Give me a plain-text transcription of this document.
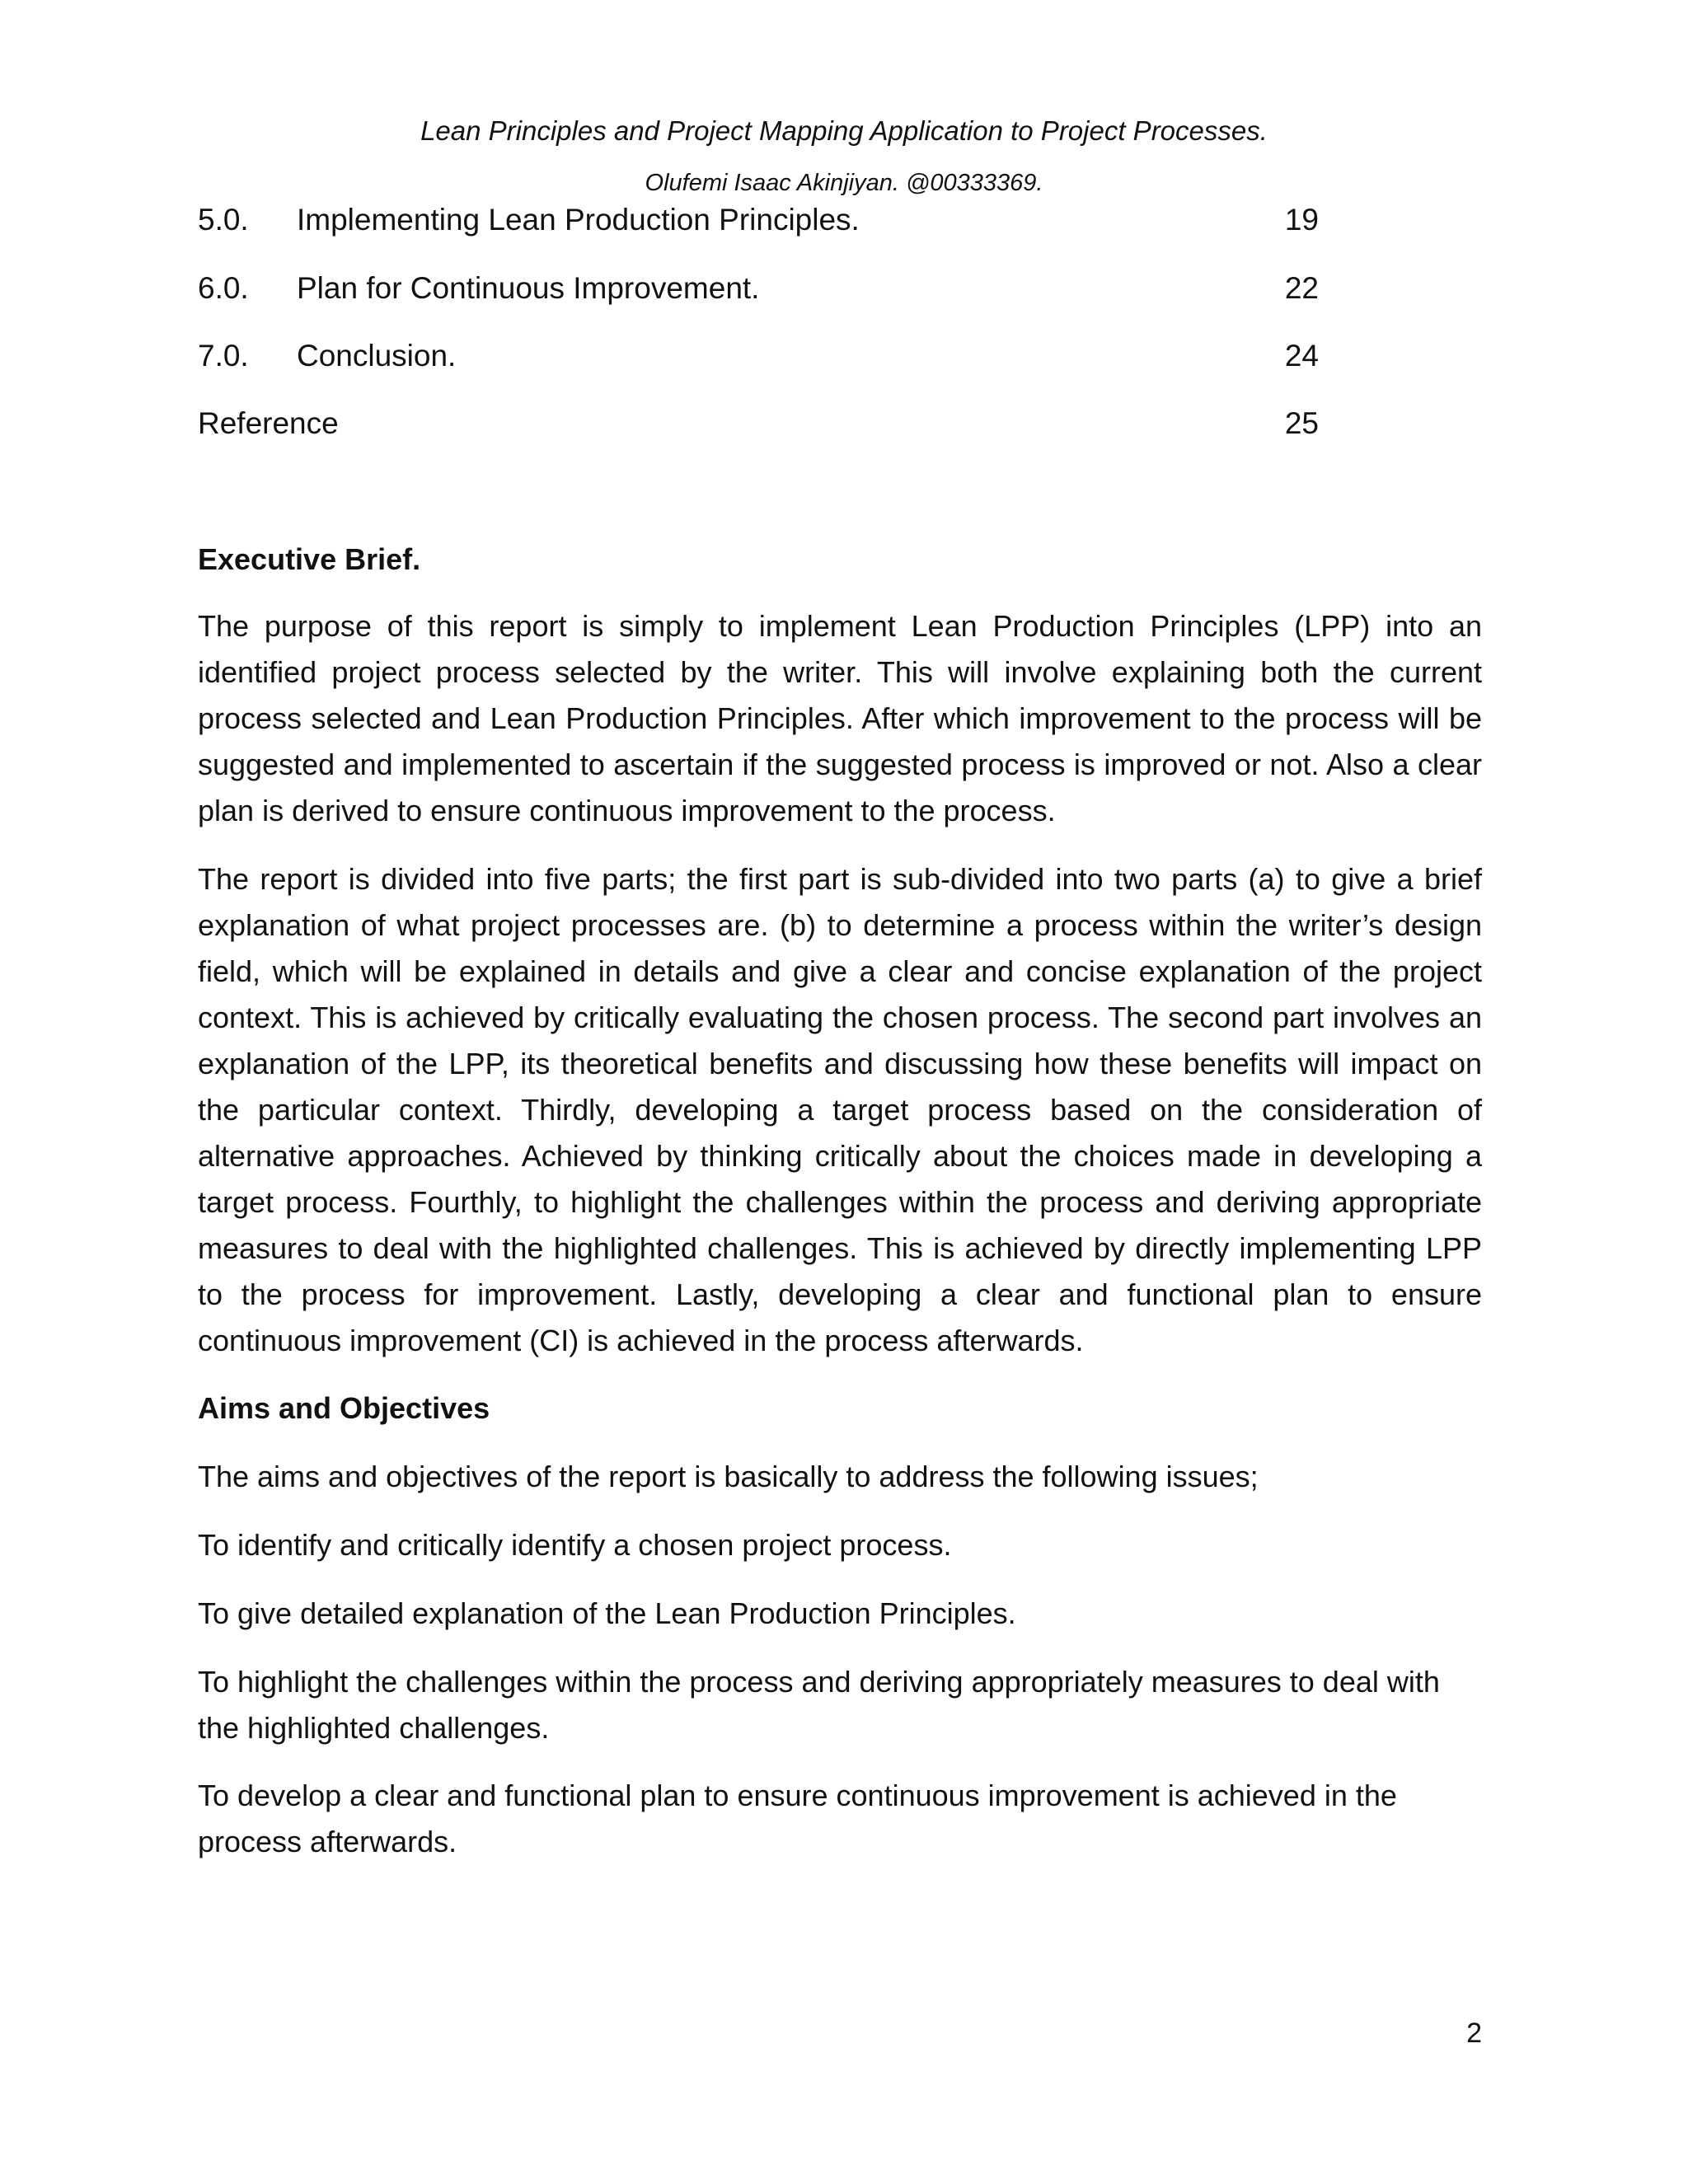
Lean Principles and Project Mapping Application to Project Processes.
Olufemi Isaac Akinjiyan. @00333369.
5.0. Implementing Lean Production Principles.	19
6.0. Plan for Continuous Improvement.	22
7.0. Conclusion.	24
Reference	25
Executive Brief.
The purpose of this report is simply to implement Lean Production Principles (LPP) into an identified project process selected by the writer. This will involve explaining both the current process selected and Lean Production Principles. After which improvement to the process will be suggested and implemented to ascertain if the suggested process is improved or not. Also a clear plan is derived to ensure continuous improvement to the process.
The report is divided into five parts; the first part is sub-divided into two parts (a) to give a brief explanation of what project processes are. (b) to determine a process within the writer’s design field, which will be explained in details and give a clear and concise explanation of the project context. This is achieved by critically evaluating the chosen process. The second part involves an explanation of the LPP, its theoretical benefits and discussing how these benefits will impact on the particular context. Thirdly, developing a target process based on the consideration of alternative approaches. Achieved by thinking critically about the choices made in developing a target process. Fourthly, to highlight the challenges within the process and deriving appropriate measures to deal with the highlighted challenges. This is achieved by directly implementing LPP to the process for improvement. Lastly, developing a clear and functional plan to ensure continuous improvement (CI) is achieved in the process afterwards.
Aims and Objectives
The aims and objectives of the report is basically to address the following issues;
To identify and critically identify a chosen project process.
To give detailed explanation of the Lean Production Principles.
To highlight the challenges within the process and deriving appropriately measures to deal with the highlighted challenges.
To develop a clear and functional plan to ensure continuous improvement is achieved in the process afterwards.
2
